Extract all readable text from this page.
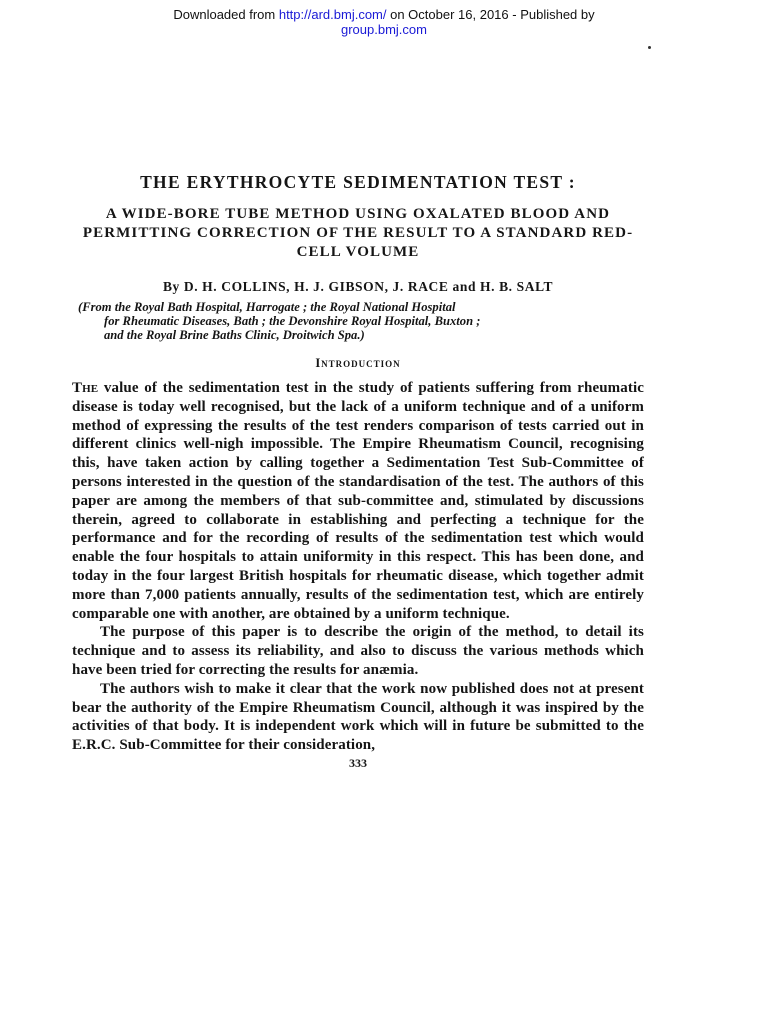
Downloaded from http://ard.bmj.com/ on October 16, 2016 - Published by
group.bmj.com
THE ERYTHROCYTE SEDIMENTATION TEST :
A WIDE-BORE TUBE METHOD USING OXALATED BLOOD AND PERMITTING CORRECTION OF THE RESULT TO A STANDARD RED-CELL VOLUME
By D. H. COLLINS, H. J. GIBSON, J. RACE and H. B. SALT
(From the Royal Bath Hospital, Harrogate ; the Royal National Hospital
for Rheumatic Diseases, Bath ; the Devonshire Royal Hospital, Buxton ;
and the Royal Brine Baths Clinic, Droitwich Spa.)
Introduction

The value of the sedimentation test in the study of patients suffering from rheumatic disease is today well recognised, but the lack of a uniform technique and of a uniform method of expressing the results of the test renders comparison of tests carried out in different clinics well-nigh impossible. The Empire Rheumatism Council, recognising this, have taken action by calling together a Sedimentation Test Sub-Committee of persons interested in the question of the standardisation of the test. The authors of this paper are among the members of that sub-committee and, stimulated by discussions therein, agreed to collaborate in establishing and perfecting a technique for the performance and for the recording of results of the sedimentation test which would enable the four hospitals to attain uniformity in this respect. This has been done, and today in the four largest British hospitals for rheumatic disease, which together admit more than 7,000 patients annually, results of the sedimentation test, which are entirely comparable one with another, are obtained by a uniform technique.

The purpose of this paper is to describe the origin of the method, to detail its technique and to assess its reliability, and also to discuss the various methods which have been tried for correcting the results for anæmia.

The authors wish to make it clear that the work now published does not at present bear the authority of the Empire Rheumatism Council, although it was inspired by the activities of that body. It is independent work which will in future be submitted to the E.R.C. Sub-Committee for their consideration,

333
